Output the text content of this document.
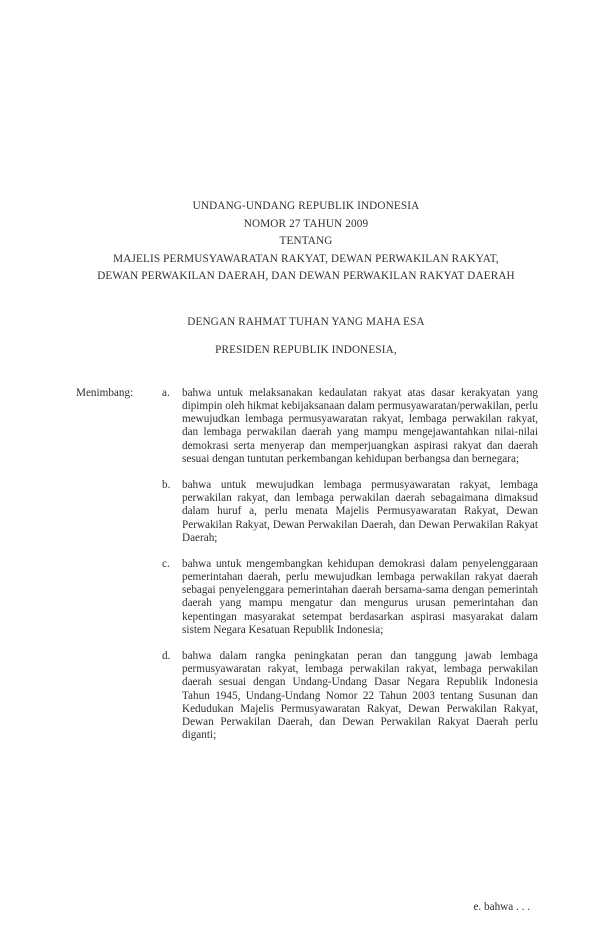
UNDANG-UNDANG REPUBLIK INDONESIA
NOMOR 27 TAHUN 2009
TENTANG
MAJELIS PERMUSYAWARATAN RAKYAT, DEWAN PERWAKILAN RAKYAT,
DEWAN PERWAKILAN DAERAH, DAN DEWAN PERWAKILAN RAKYAT DAERAH
DENGAN RAHMAT TUHAN YANG MAHA ESA
PRESIDEN REPUBLIK INDONESIA,
Menimbang:	a.	bahwa untuk melaksanakan kedaulatan rakyat atas dasar kerakyatan yang dipimpin oleh hikmat kebijaksanaan dalam permusyawaratan/perwakilan, perlu mewujudkan lembaga permusyawaratan rakyat, lembaga perwakilan rakyat, dan lembaga perwakilan daerah yang mampu mengejawantahkan nilai-nilai demokrasi serta menyerap dan memperjuangkan aspirasi rakyat dan daerah sesuai dengan tuntutan perkembangan kehidupan berbangsa dan bernegara;
b.	bahwa untuk mewujudkan lembaga permusyawaratan rakyat, lembaga perwakilan rakyat, dan lembaga perwakilan daerah sebagaimana dimaksud dalam huruf a, perlu menata Majelis Permusyawaratan Rakyat, Dewan Perwakilan Rakyat, Dewan Perwakilan Daerah, dan Dewan Perwakilan Rakyat Daerah;
c.	bahwa untuk mengembangkan kehidupan demokrasi dalam penyelenggaraan pemerintahan daerah, perlu mewujudkan lembaga perwakilan rakyat daerah sebagai penyelenggara pemerintahan daerah bersama-sama dengan pemerintah daerah yang mampu mengatur dan mengurus urusan pemerintahan dan kepentingan masyarakat setempat berdasarkan aspirasi masyarakat dalam sistem Negara Kesatuan Republik Indonesia;
d.	bahwa dalam rangka peningkatan peran dan tanggung jawab lembaga permusyawaratan rakyat, lembaga perwakilan rakyat, lembaga perwakilan daerah sesuai dengan Undang-Undang Dasar Negara Republik Indonesia Tahun 1945, Undang-Undang Nomor 22 Tahun 2003 tentang Susunan dan Kedudukan Majelis Permusyawaratan Rakyat, Dewan Perwakilan Rakyat, Dewan Perwakilan Daerah, dan Dewan Perwakilan Rakyat Daerah perlu diganti;
e. bahwa . . .
